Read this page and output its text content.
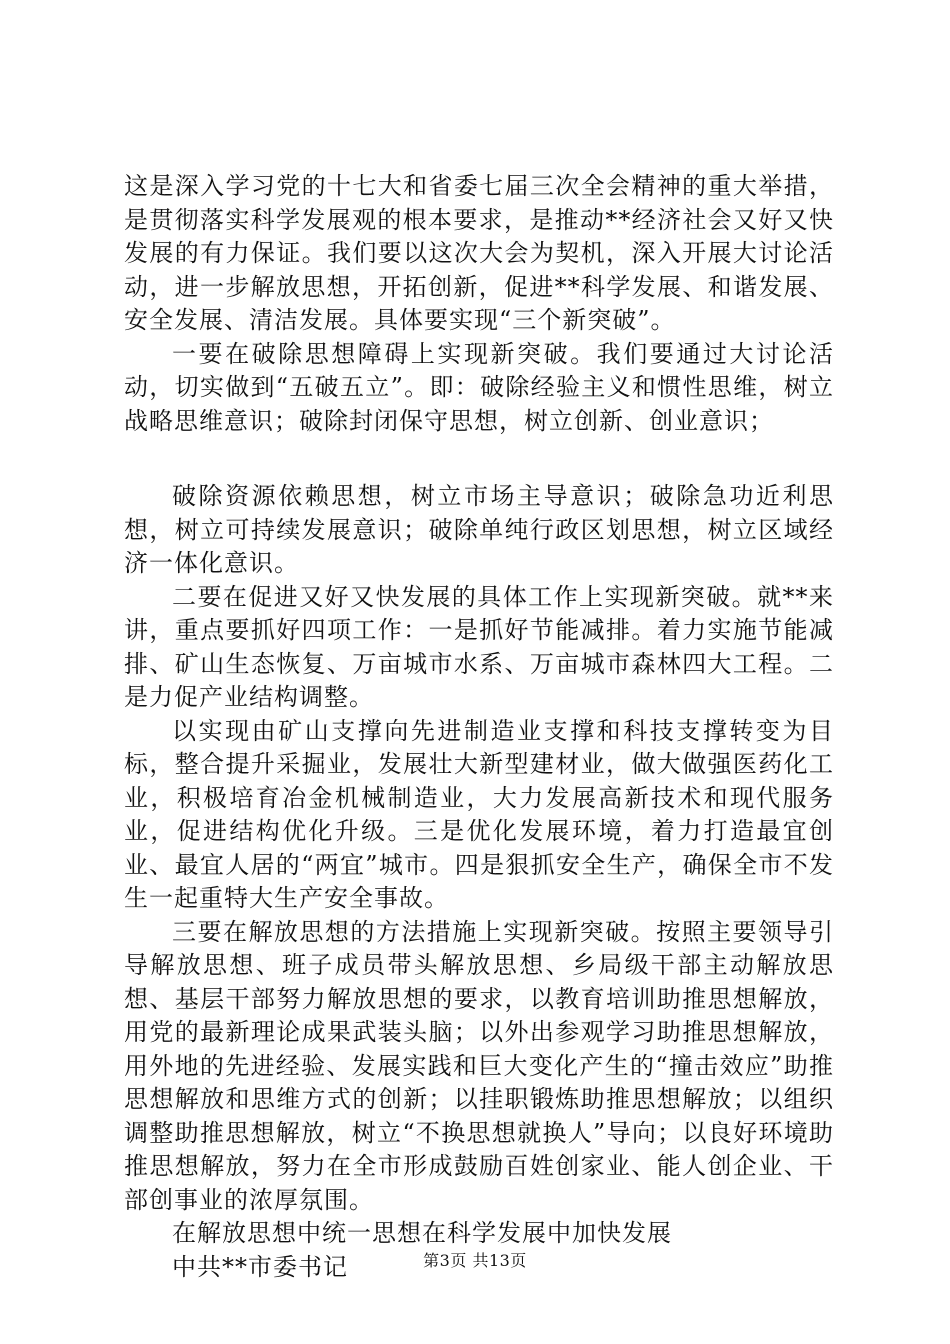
这是深入学习党的十七大和省委七届三次全会精神的重大举措，是贯彻落实科学发展观的根本要求，是推动**经济社会又好又快发展的有力保证。我们要以这次大会为契机，深入开展大讨论活动，进一步解放思想，开拓创新，促进**科学发展、和谐发展、安全发展、清洁发展。具体要实现“三个新突破”。

一要在破除思想障碍上实现新突破。我们要通过大讨论活动，切实做到“五破五立”。即：破除经验主义和惯性思维，树立战略思维意识；破除封闭保守思想，树立创新、创业意识；

破除资源依赖思想，树立市场主导意识；破除急功近利思想，树立可持续发展意识；破除单纯行政区划思想，树立区域经济一体化意识。

二要在促进又好又快发展的具体工作上实现新突破。就**来讲，重点要抓好四项工作：一是抓好节能减排。着力实施节能减排、矿山生态恢复、万亩城市水系、万亩城市森林四大工程。二是力促产业结构调整。

以实现由矿山支撑向先进制造业支撑和科技支撑转变为目标，整合提升采掘业，发展壮大新型建材业，做大做强医药化工业，积极培育冶金机械制造业，大力发展高新技术和现代服务业，促进结构优化升级。三是优化发展环境，着力打造最宜创业、最宜人居的“两宜”城市。四是狠抓安全生产，确保全市不发生一起重特大生产安全事故。

三要在解放思想的方法措施上实现新突破。按照主要领导引导解放思想、班子成员带头解放思想、乡局级干部主动解放思想、基层干部努力解放思想的要求，以教育培训助推思想解放，用党的最新理论成果武装头脑；以外出参观学习助推思想解放，用外地的先进经验、发展实践和巨大变化产生的“撞击效应”助推思想解放和思维方式的创新；以挂职锻炼助推思想解放；以组织调整助推思想解放，树立“不换思想就换人”导向；以良好环境助推思想解放，努力在全市形成鼓励百姓创家业、能人创企业、干部创事业的浓厚氛围。

在解放思想中统一思想在科学发展中加快发展

中共**市委书记	第3页 共13页
